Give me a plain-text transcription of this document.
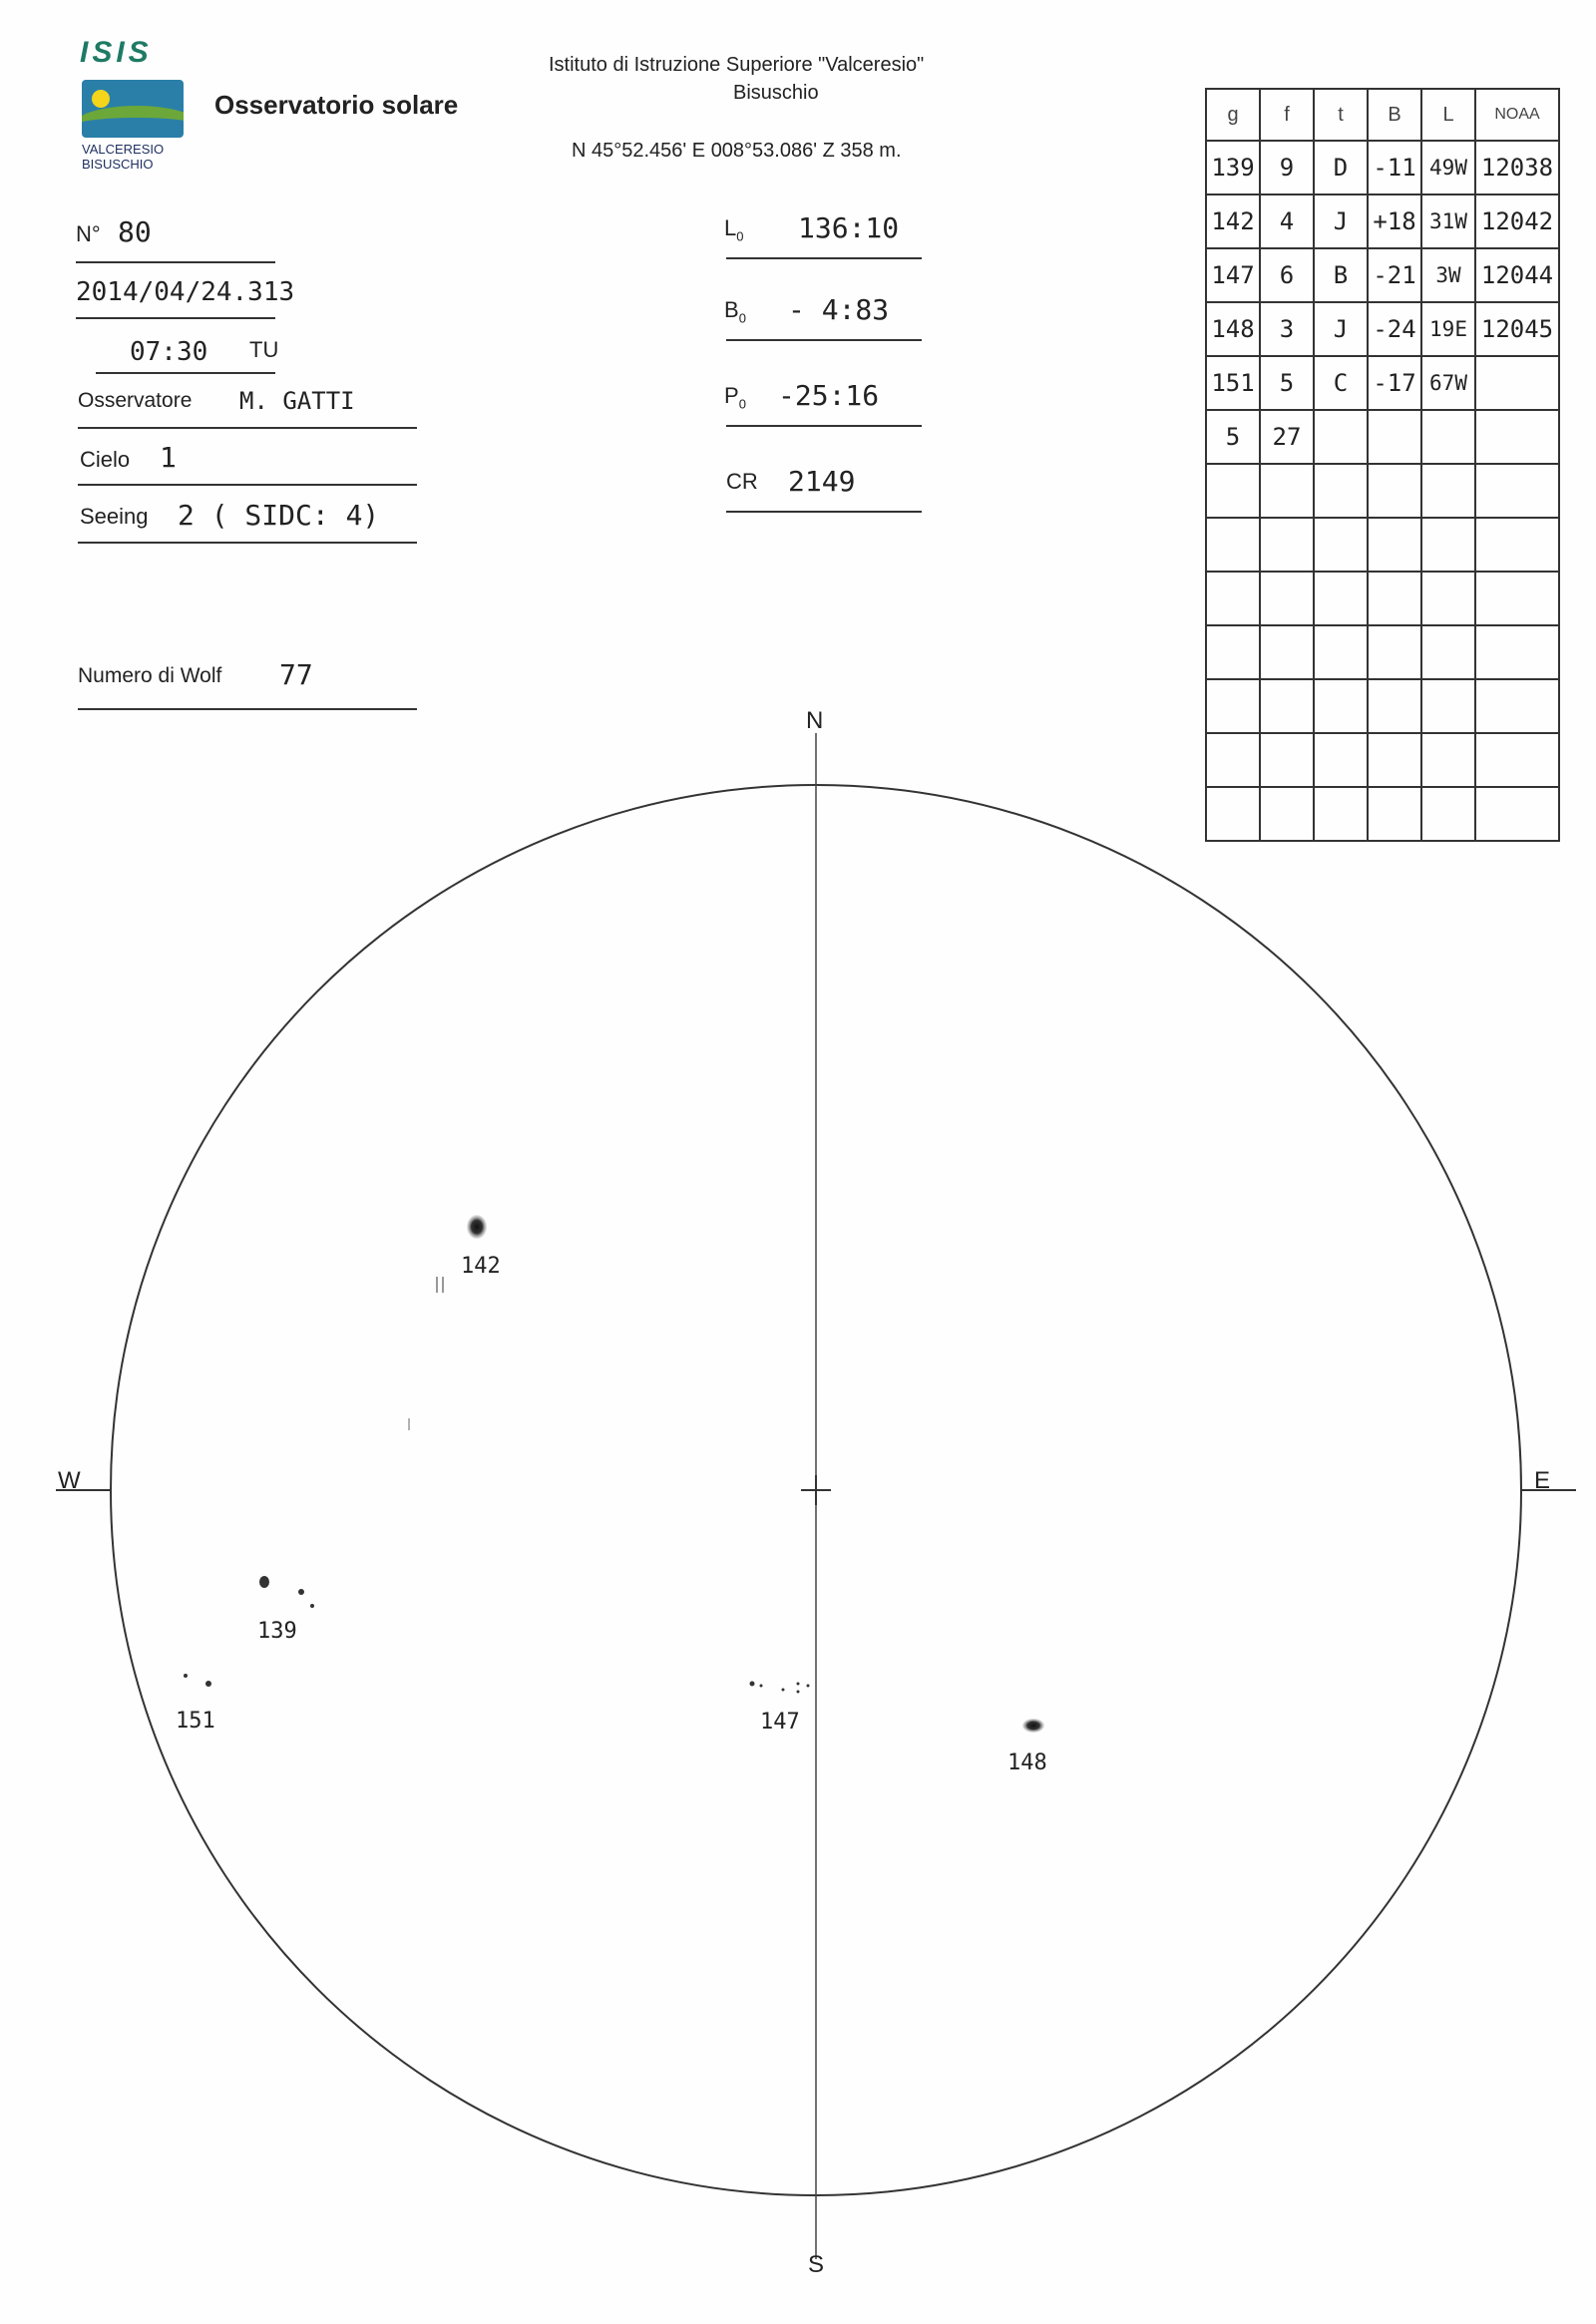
ISIS
VALCERESIO
BISUSCHIO
Osservatorio solare
Istituto di Istruzione Superiore "Valceresio"
Bisuschio
N 45°52.456' E 008°53.086' Z 358 m.
N° 80
2014/04/24.313
07:30 TU
Osservatore M. GATTI
Cielo 1
Seeing 2 ( SIDC: 4)
Numero di Wolf 77
$L_0$ 136:10
$B_0$ - 4:83
$P_0$ -25:16
CR 2149
g	f	t	B	L	NOAA
139	9	D	-11	49W	12038
142	4	J	+18	31W	12042
147	6	B	-21	3W	12044
148	3	J	-24	19E	12045
151	5	C	-17	67W	
5	27				

N
S
E
W
142
139
151	147
148
